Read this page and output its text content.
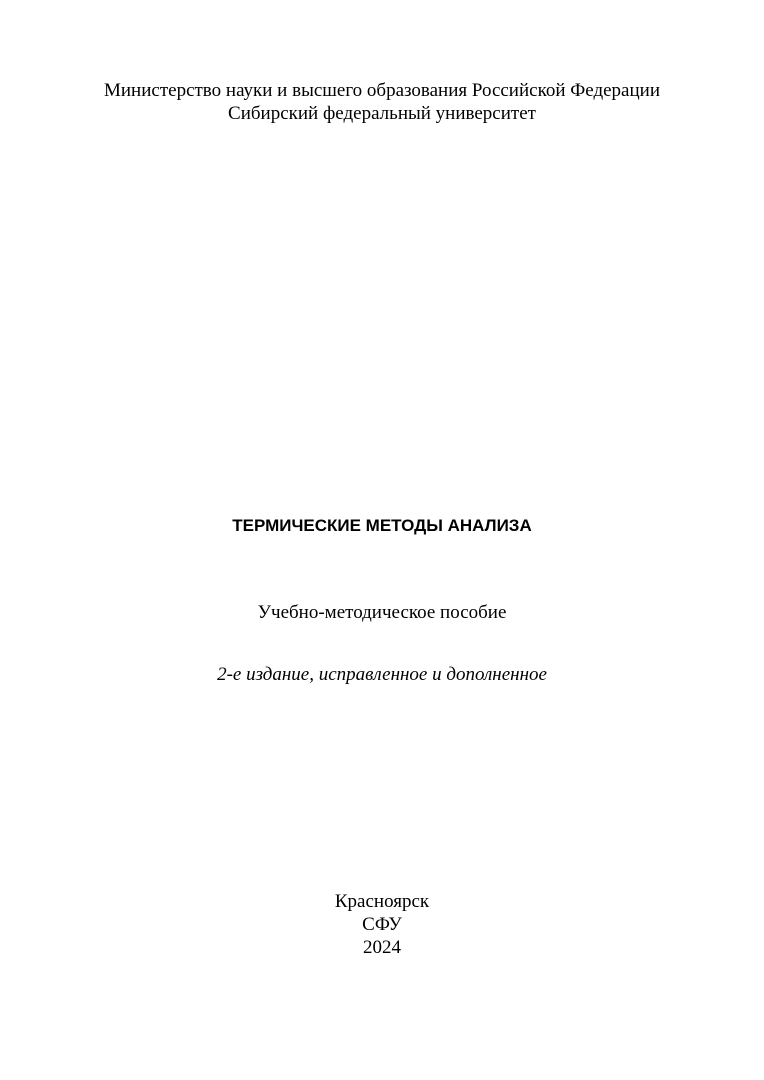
Министерство науки и высшего образования Российской Федерации
Сибирский федеральный университет
ТЕРМИЧЕСКИЕ МЕТОДЫ АНАЛИЗА
Учебно-методическое пособие
2-е издание, исправленное и дополненное
Красноярск
СФУ
2024
